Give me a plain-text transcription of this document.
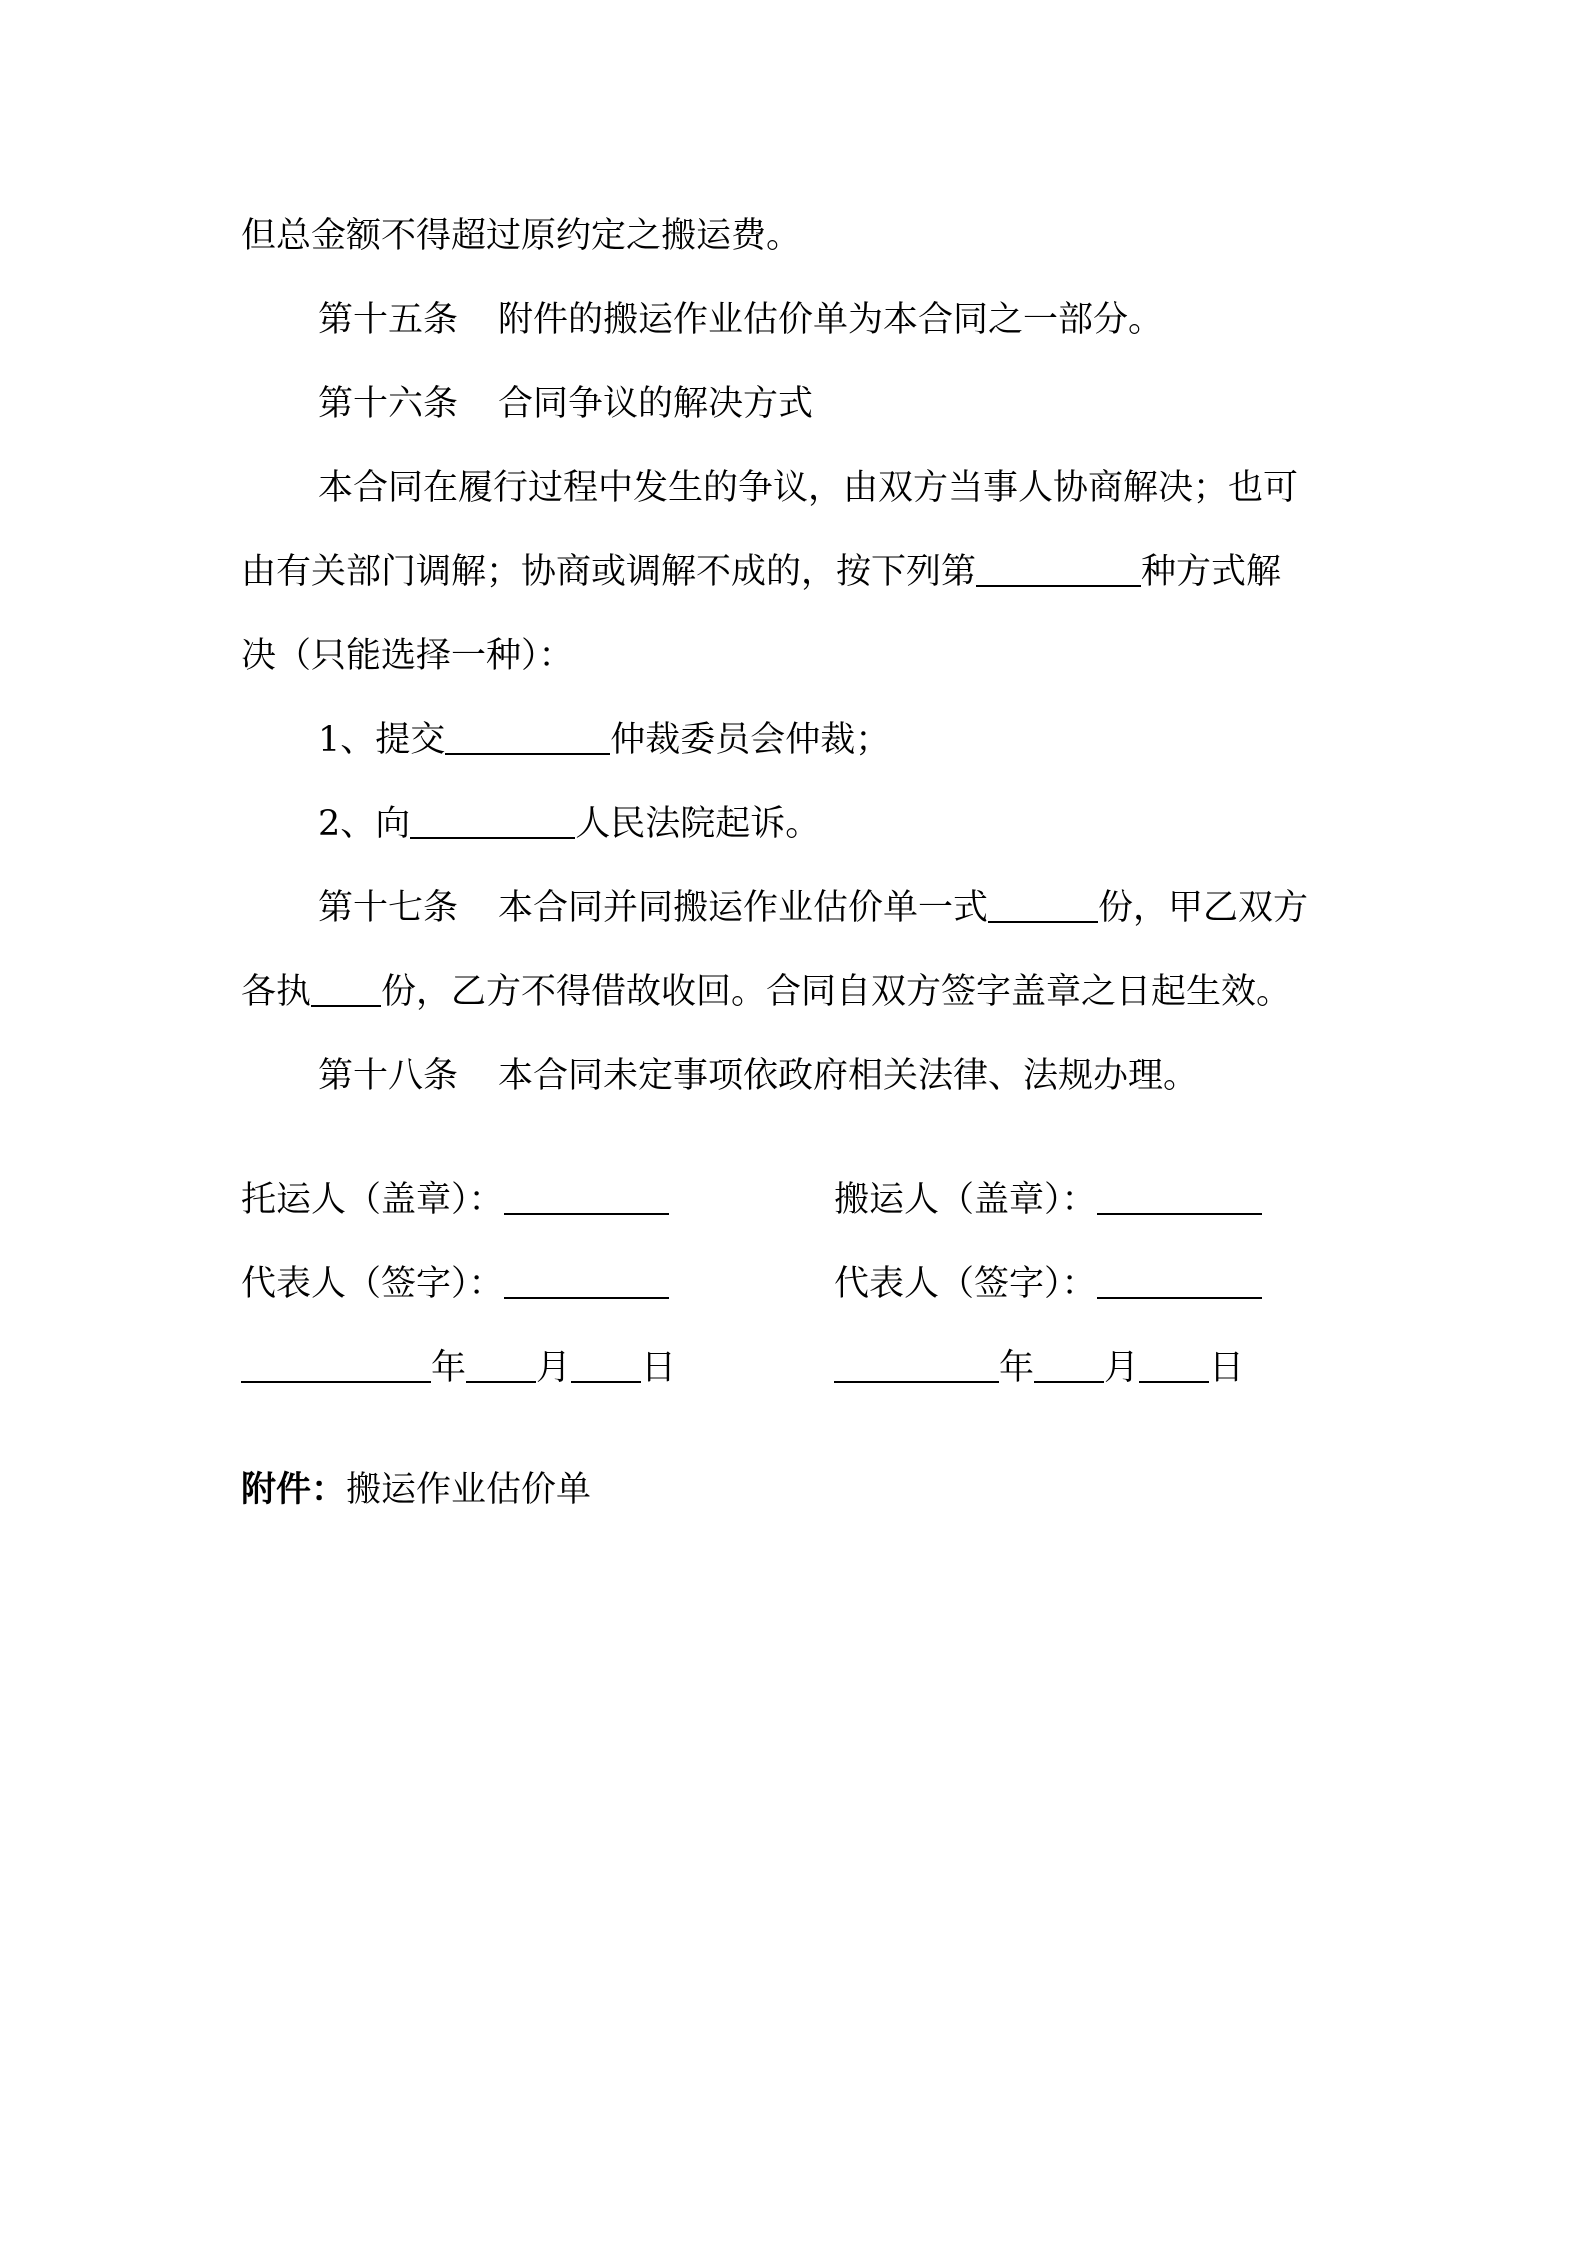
但总金额不得超过原约定之搬运费。
第十五条 附件的搬运作业估价单为本合同之一部分。
第十六条 合同争议的解决方式
本合同在履行过程中发生的争议，由双方当事人协商解决；也可
由有关部门调解；协商或调解不成的，按下列第	种方式解
决（只能选择一种）：
1、提交	仲裁委员会仲裁；
2、向	人民法院起诉。
第十七条 本合同并同搬运作业估价单一式	份，甲乙双方
各执 份，乙方不得借故收回。合同自双方签字盖章之日起生效。
第十八条 本合同未定事项依政府相关法律、法规办理。
托运人（盖章）：	搬运人（盖章）：
代表人（签字）：	代表人（签字）：
年 月 日	年 月 日
附件：搬运作业估价单
